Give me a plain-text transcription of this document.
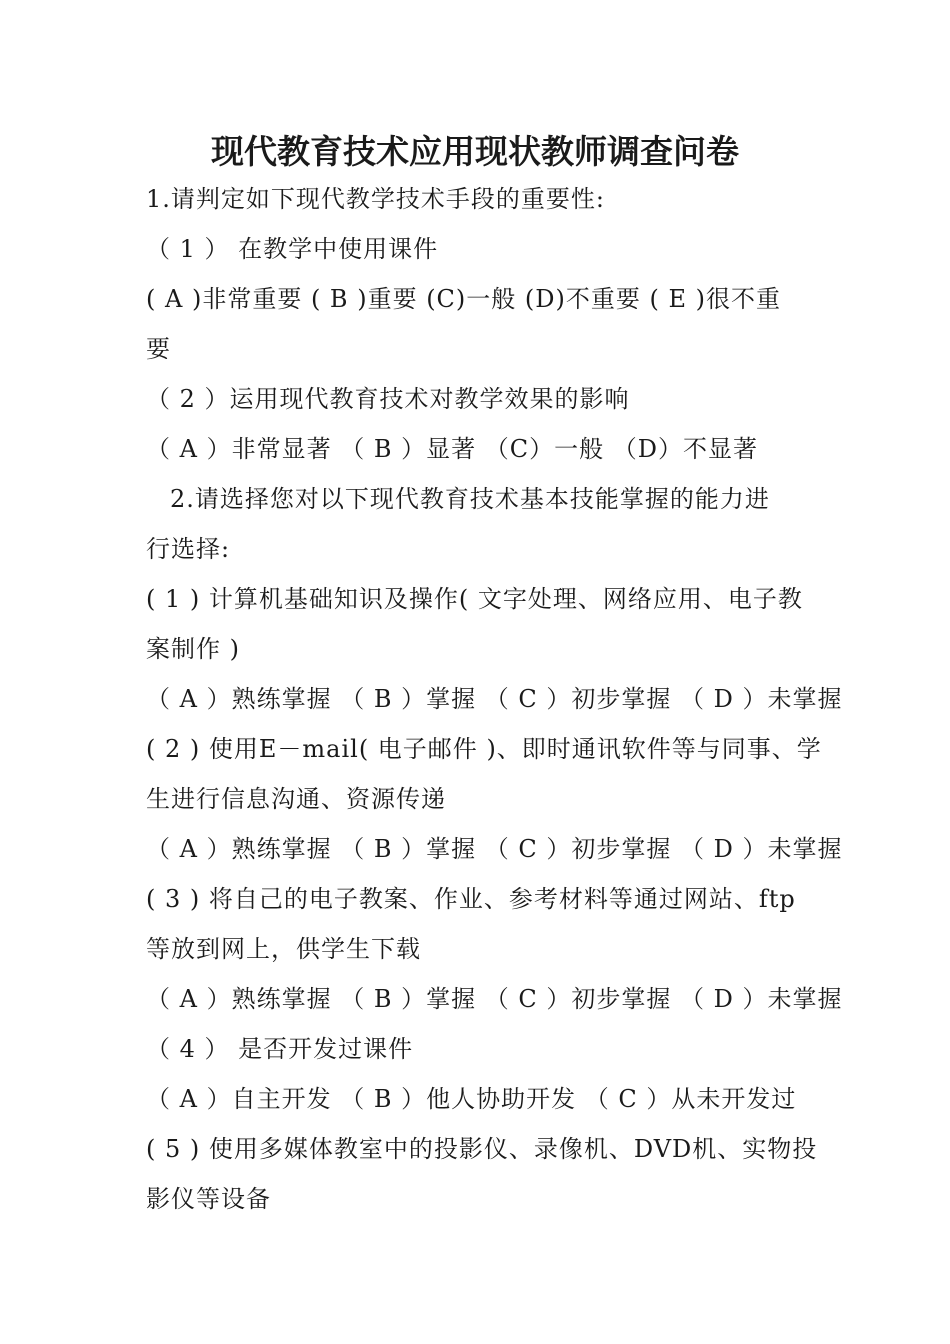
现代教育技术应用现状教师调查问卷
1.请判定如下现代教学技术手段的重要性:
（ 1 ） 在教学中使用课件
( A )非常重要 ( B )重要 (C)一般 (D)不重要 ( E )很不重
要
（ 2 ）运用现代教育技术对教学效果的影响
（ A ）非常显著 （ B ）显著 （C）一般 （D）不显著
2.请选择您对以下现代教育技术基本技能掌握的能力进
行选择:
( 1 ) 计算机基础知识及操作( 文字处理、网络应用、电子教
案制作 )
（ A ）熟练掌握 （ B ）掌握 （ C ）初步掌握 （ D ）未掌握
( 2 ) 使用E－mail( 电子邮件 )、即时通讯软件等与同事、学
生进行信息沟通、资源传递
（ A ）熟练掌握 （ B ）掌握 （ C ）初步掌握 （ D ）未掌握
( 3 ) 将自己的电子教案、作业、参考材料等通过网站、ftp
等放到网上，供学生下载
（ A ）熟练掌握 （ B ）掌握 （ C ）初步掌握 （ D ）未掌握
（ 4 ） 是否开发过课件
（ A ）自主开发 （ B ）他人协助开发 （ C ）从未开发过
( 5 ) 使用多媒体教室中的投影仪、录像机、DVD机、实物投
影仪等设备
